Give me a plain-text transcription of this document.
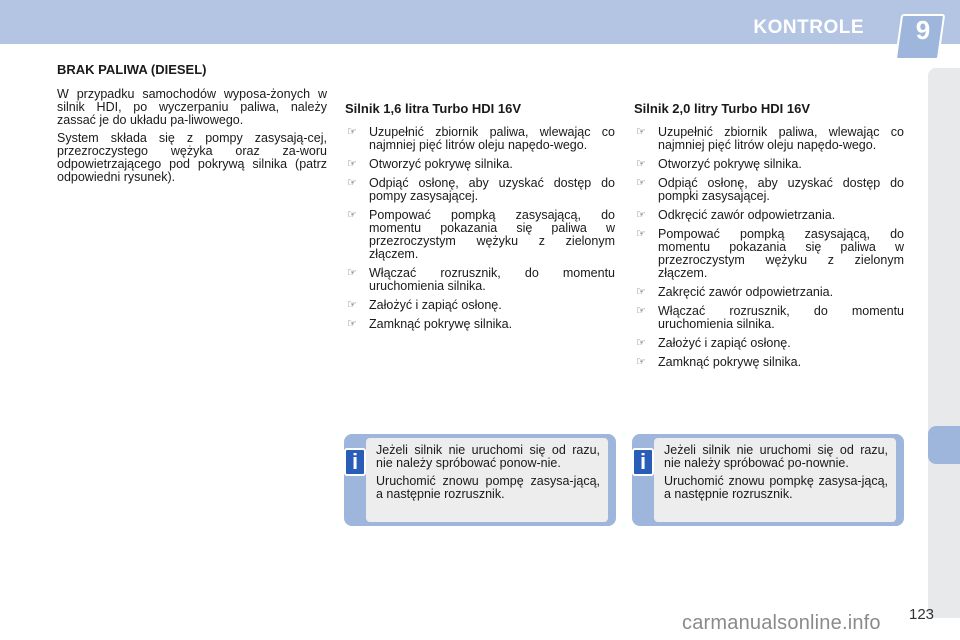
KONTROLE	9
BRAK PALIWA (DIESEL)

W przypadku samochodów wyposa-żonych w silnik HDI, po wyczerpaniu paliwa, należy zassać je do układu pa-liwowego.

System składa się z pompy zasysają-cej, przezroczystego wężyka oraz za-woru odpowietrzającego pod pokrywą silnika (patrz odpowiedni rysunek).

Silnik 1,6 litra Turbo HDI 16V
☞ Uzupełnić zbiornik paliwa, wlewając co najmniej pięć litrów oleju napędo-wego.
☞ Otworzyć pokrywę silnika.
☞ Odpiąć osłonę, aby uzyskać dostęp do pompy zasysającej.
☞ Pompować pompką zasysającą, do momentu pokazania się paliwa w przezroczystym wężyku z zielonym złączem.
☞ Włączać rozrusznik, do momentu uruchomienia silnika.
☞ Założyć i zapiąć osłonę.
☞ Zamknąć pokrywę silnika.
Silnik 2,0 litry Turbo HDI 16V
☞ Uzupełnić zbiornik paliwa, wlewając co najmniej pięć litrów oleju napędo-wego.
☞ Otworzyć pokrywę silnika.
☞ Odpiąć osłonę, aby uzyskać dostęp do pompki zasysającej.
☞ Odkręcić zawór odpowietrzania.
☞ Pompować pompką zasysającą, do momentu pokazania się paliwa w przezroczystym wężyku z zielonym złączem.
☞ Zakręcić zawór odpowietrzania.
☞ Włączać rozrusznik, do momentu uruchomienia silnika.
☞ Założyć i zapiąć osłonę.
☞ Zamknąć pokrywę silnika.
i	Jeżeli silnik nie uruchomi się od razu, nie należy spróbować ponow-nie.

Uruchomić znowu pompę zasysa-jącą, a następnie rozrusznik.

i	Jeżeli silnik nie uruchomi się od razu, nie należy spróbować po-nownie.

Uruchomić znowu pompkę zasysa-jącą, a następnie rozrusznik.

123
carmanualsonline.info
